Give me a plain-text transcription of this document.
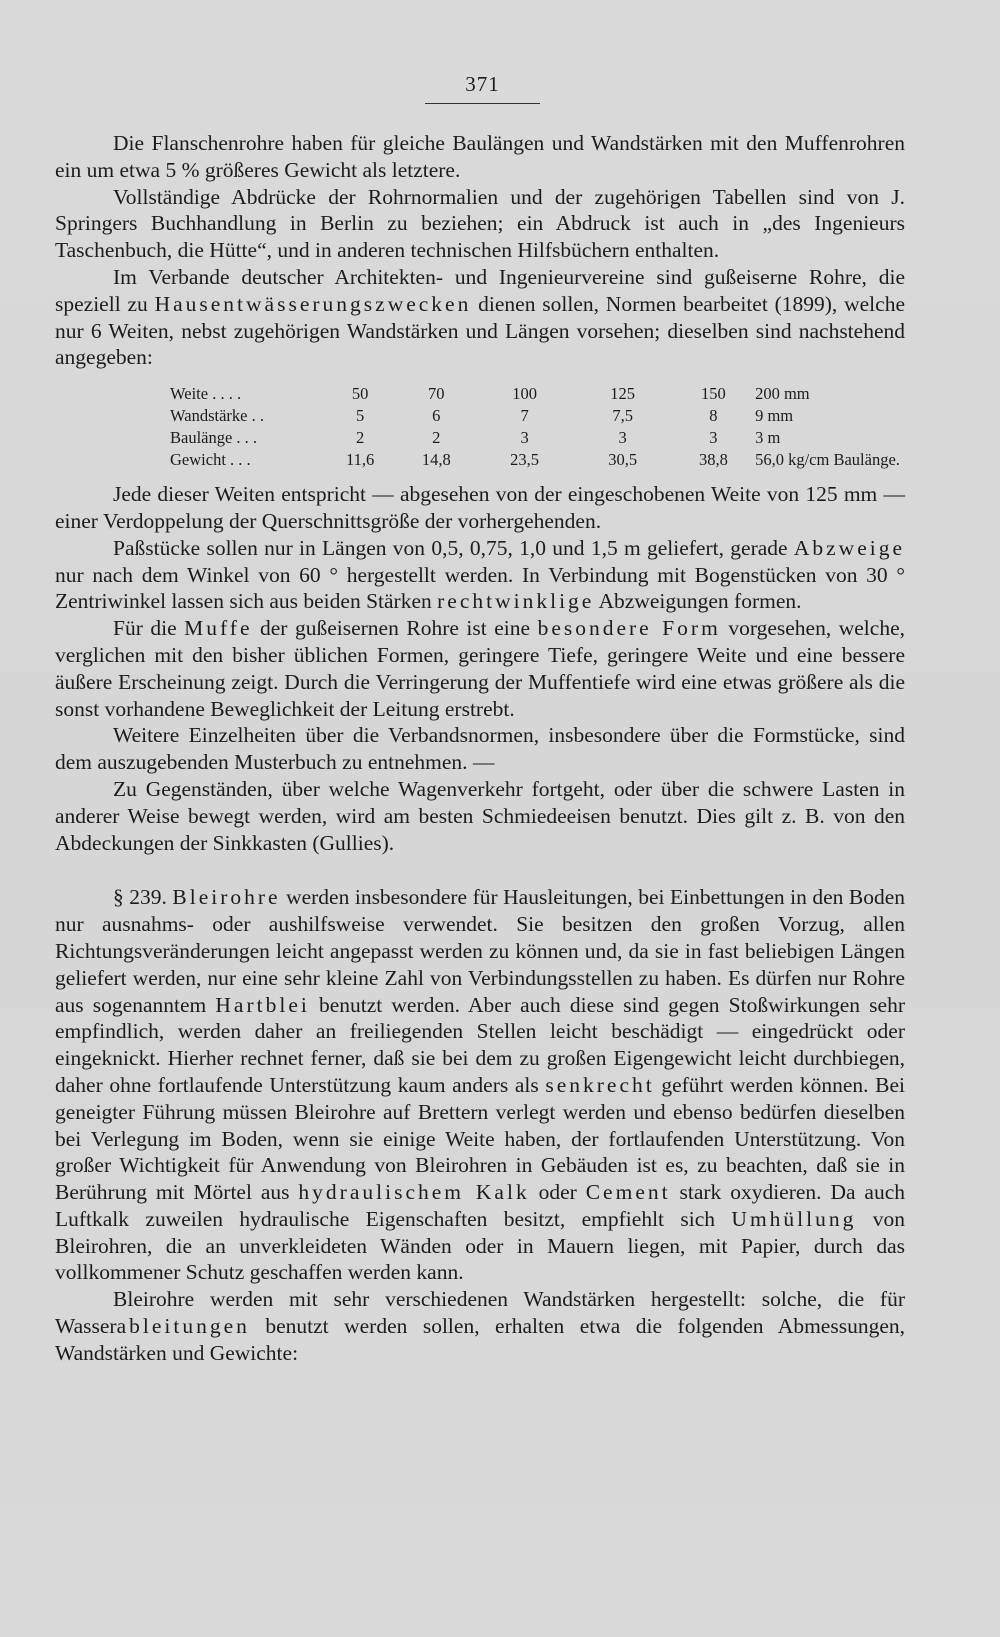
371

Die Flanschenrohre haben für gleiche Baulängen und Wandstärken mit den Muffenrohren ein um etwa 5 % größeres Gewicht als letztere.

Vollständige Abdrücke der Rohrnormalien und der zugehörigen Tabellen sind von J. Springers Buchhandlung in Berlin zu beziehen; ein Abdruck ist auch in „des Ingenieurs Taschenbuch, die Hütte“, und in anderen technischen Hilfsbüchern enthalten.

Im Verbande deutscher Architekten- und Ingenieurvereine sind gußeiserne Rohre, die speziell zu Hausentwässerungszwecken dienen sollen, Normen bearbeitet (1899), welche nur 6 Weiten, nebst zugehörigen Wandstärken und Längen vorsehen; dieselben sind nachstehend angegeben:

Weite . . . .	50	70	100	125	150	200 mm
Wandstärke . .	5	6	7	7,5	8	9 mm
Baulänge . . .	2	2	3	3	3	3 m
Gewicht . . .	11,6	14,8	23,5	30,5	38,8	56,0 kg/cm Baulänge.

Jede dieser Weiten entspricht — abgesehen von der eingeschobenen Weite von 125 mm — einer Verdoppelung der Querschnittsgröße der vorhergehenden.

Paßstücke sollen nur in Längen von 0,5, 0,75, 1,0 und 1,5 m geliefert, gerade Abzweige nur nach dem Winkel von 60 ° hergestellt werden. In Verbindung mit Bogenstücken von 30 ° Zentriwinkel lassen sich aus beiden Stärken rechtwinklige Abzweigungen formen.

Für die Muffe der gußeisernen Rohre ist eine besondere Form vorgesehen, welche, verglichen mit den bisher üblichen Formen, geringere Tiefe, geringere Weite und eine bessere äußere Erscheinung zeigt. Durch die Verringerung der Muffentiefe wird eine etwas größere als die sonst vorhandene Beweglichkeit der Leitung erstrebt.

Weitere Einzelheiten über die Verbandsnormen, insbesondere über die Formstücke, sind dem auszugebenden Musterbuch zu entnehmen. —

Zu Gegenständen, über welche Wagenverkehr fortgeht, oder über die schwere Lasten in anderer Weise bewegt werden, wird am besten Schmiedeeisen benutzt. Dies gilt z. B. von den Abdeckungen der Sinkkasten (Gullies).

§ 239. Bleirohre werden insbesondere für Hausleitungen, bei Einbettungen in den Boden nur ausnahms- oder aushilfsweise verwendet. Sie besitzen den großen Vorzug, allen Richtungsveränderungen leicht angepasst werden zu können und, da sie in fast beliebigen Längen geliefert werden, nur eine sehr kleine Zahl von Verbindungsstellen zu haben. Es dürfen nur Rohre aus sogenanntem Hartblei benutzt werden. Aber auch diese sind gegen Stoßwirkungen sehr empfindlich, werden daher an freiliegenden Stellen leicht beschädigt — eingedrückt oder eingeknickt. Hierher rechnet ferner, daß sie bei dem zu großen Eigengewicht leicht durchbiegen, daher ohne fortlaufende Unterstützung kaum anders als senkrecht geführt werden können. Bei geneigter Führung müssen Bleirohre auf Brettern verlegt werden und ebenso bedürfen dieselben bei Verlegung im Boden, wenn sie einige Weite haben, der fortlaufenden Unterstützung. Von großer Wichtigkeit für Anwendung von Bleirohren in Gebäuden ist es, zu beachten, daß sie in Berührung mit Mörtel aus hydraulischem Kalk oder Cement stark oxydieren. Da auch Luftkalk zuweilen hydraulische Eigenschaften besitzt, empfiehlt sich Umhüllung von Bleirohren, die an unverkleideten Wänden oder in Mauern liegen, mit Papier, durch das vollkommener Schutz geschaffen werden kann.

Bleirohre werden mit sehr verschiedenen Wandstärken hergestellt: solche, die für Wasserableitungen benutzt werden sollen, erhalten etwa die folgenden Abmessungen, Wandstärken und Gewichte:
